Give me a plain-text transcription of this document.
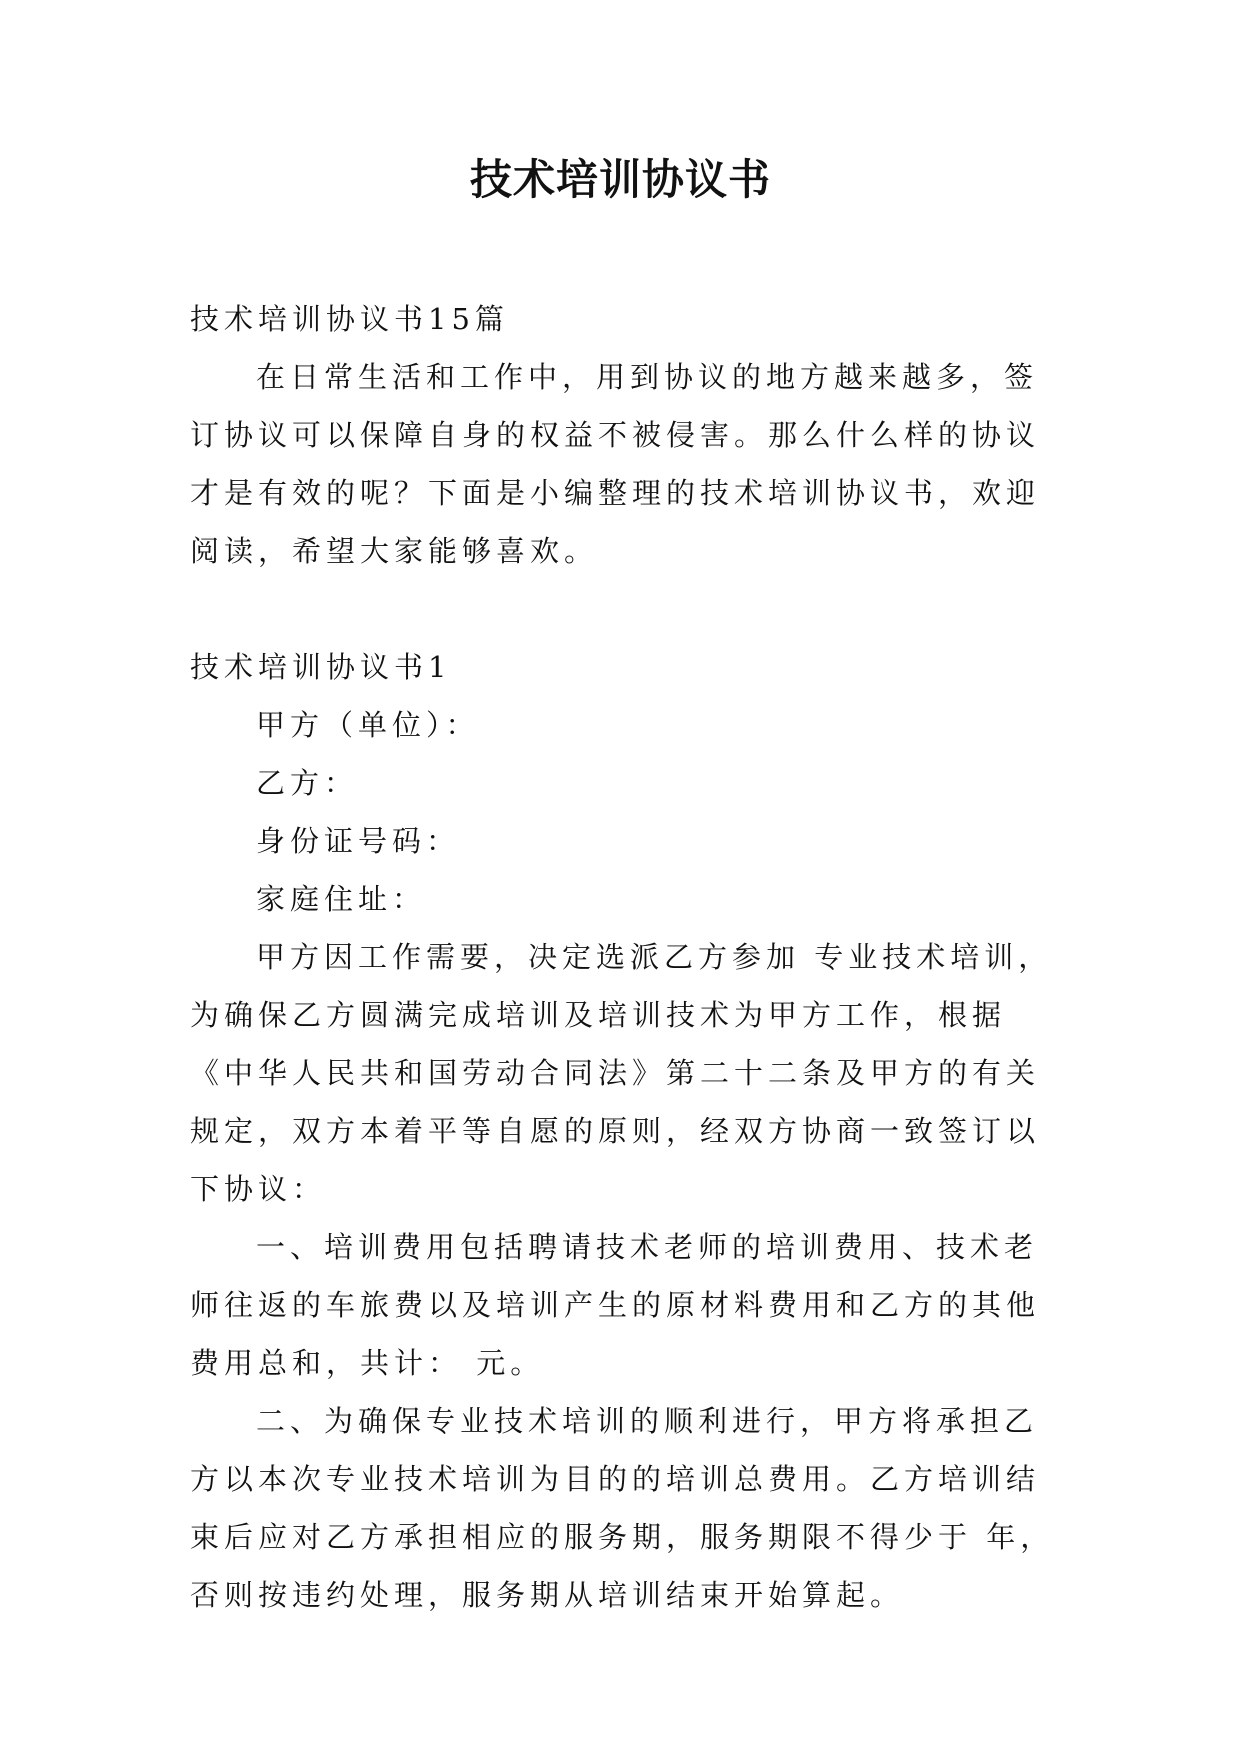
技术培训协议书

技术培训协议书15篇

在日常生活和工作中，用到协议的地方越来越多，签订协议可以保障自身的权益不被侵害。那么什么样的协议才是有效的呢？下面是小编整理的技术培训协议书，欢迎阅读，希望大家能够喜欢。

技术培训协议书1

甲方（单位）：

乙方：

身份证号码：

家庭住址：

甲方因工作需要，决定选派乙方参加 专业技术培训，为确保乙方圆满完成培训及培训技术为甲方工作，根据《中华人民共和国劳动合同法》第二十二条及甲方的有关规定，双方本着平等自愿的原则，经双方协商一致签订以下协议：

一、培训费用包括聘请技术老师的培训费用、技术老师往返的车旅费以及培训产生的原材料费用和乙方的其他费用总和，共计： 元。

二、为确保专业技术培训的顺利进行，甲方将承担乙方以本次专业技术培训为目的的培训总费用。乙方培训结束后应对乙方承担相应的服务期，服务期限不得少于 年，否则按违约处理，服务期从培训结束开始算起。
